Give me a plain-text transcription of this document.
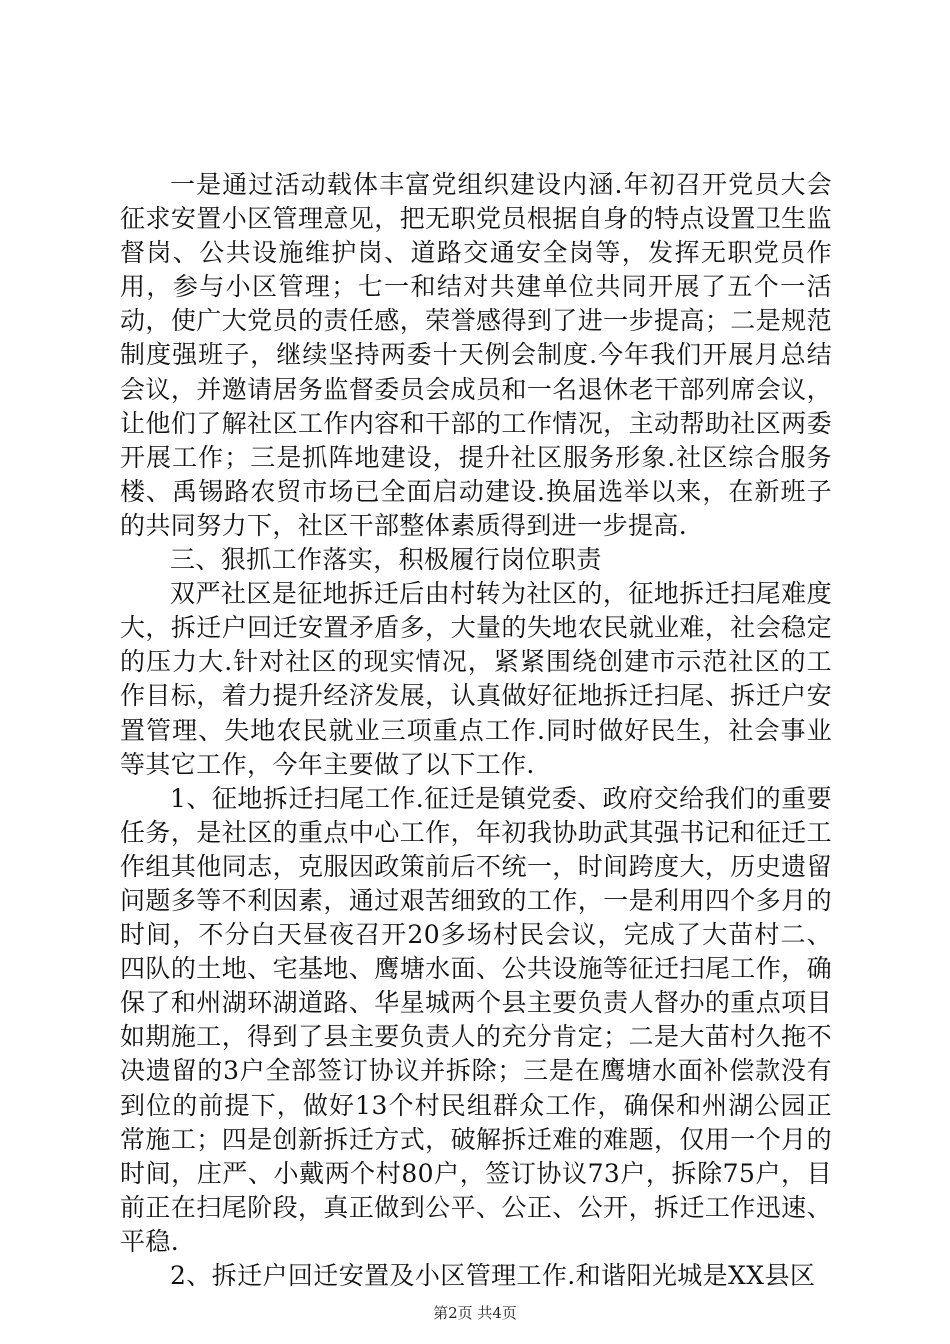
一是通过活动载体丰富党组织建设内涵.年初召开党员大会征求安置小区管理意见，把无职党员根据自身的特点设置卫生监督岗、公共设施维护岗、道路交通安全岗等，发挥无职党员作用，参与小区管理；七一和结对共建单位共同开展了五个一活动，使广大党员的责任感，荣誉感得到了进一步提高；二是规范制度强班子，继续坚持两委十天例会制度.今年我们开展月总结会议，并邀请居务监督委员会成员和一名退休老干部列席会议，让他们了解社区工作内容和干部的工作情况，主动帮助社区两委开展工作；三是抓阵地建设，提升社区服务形象.社区综合服务楼、禹锡路农贸市场已全面启动建设.换届选举以来，在新班子的共同努力下，社区干部整体素质得到进一步提高.

三、狠抓工作落实，积极履行岗位职责

双严社区是征地拆迁后由村转为社区的，征地拆迁扫尾难度大，拆迁户回迁安置矛盾多，大量的失地农民就业难，社会稳定的压力大.针对社区的现实情况，紧紧围绕创建市示范社区的工作目标，着力提升经济发展，认真做好征地拆迁扫尾、拆迁户安置管理、失地农民就业三项重点工作.同时做好民生，社会事业等其它工作，今年主要做了以下工作.

1、征地拆迁扫尾工作.征迁是镇党委、政府交给我们的重要任务，是社区的重点中心工作，年初我协助武其强书记和征迁工作组其他同志，克服因政策前后不统一，时间跨度大，历史遗留问题多等不利因素，通过艰苦细致的工作，一是利用四个多月的时间，不分白天昼夜召开20多场村民会议，完成了大苗村二、四队的土地、宅基地、鹰塘水面、公共设施等征迁扫尾工作，确保了和州湖环湖道路、华星城两个县主要负责人督办的重点项目如期施工，得到了县主要负责人的充分肯定；二是大苗村久拖不决遗留的3户全部签订协议并拆除；三是在鹰塘水面补偿款没有到位的前提下，做好13个村民组群众工作，确保和州湖公园正常施工；四是创新拆迁方式，破解拆迁难的难题，仅用一个月的时间，庄严、小戴两个村80户，签订协议73户，拆除75户，目前正在扫尾阶段，真正做到公平、公正、公开，拆迁工作迅速、平稳.

2、拆迁户回迁安置及小区管理工作.和谐阳光城是XX县区

第2页 共4页
